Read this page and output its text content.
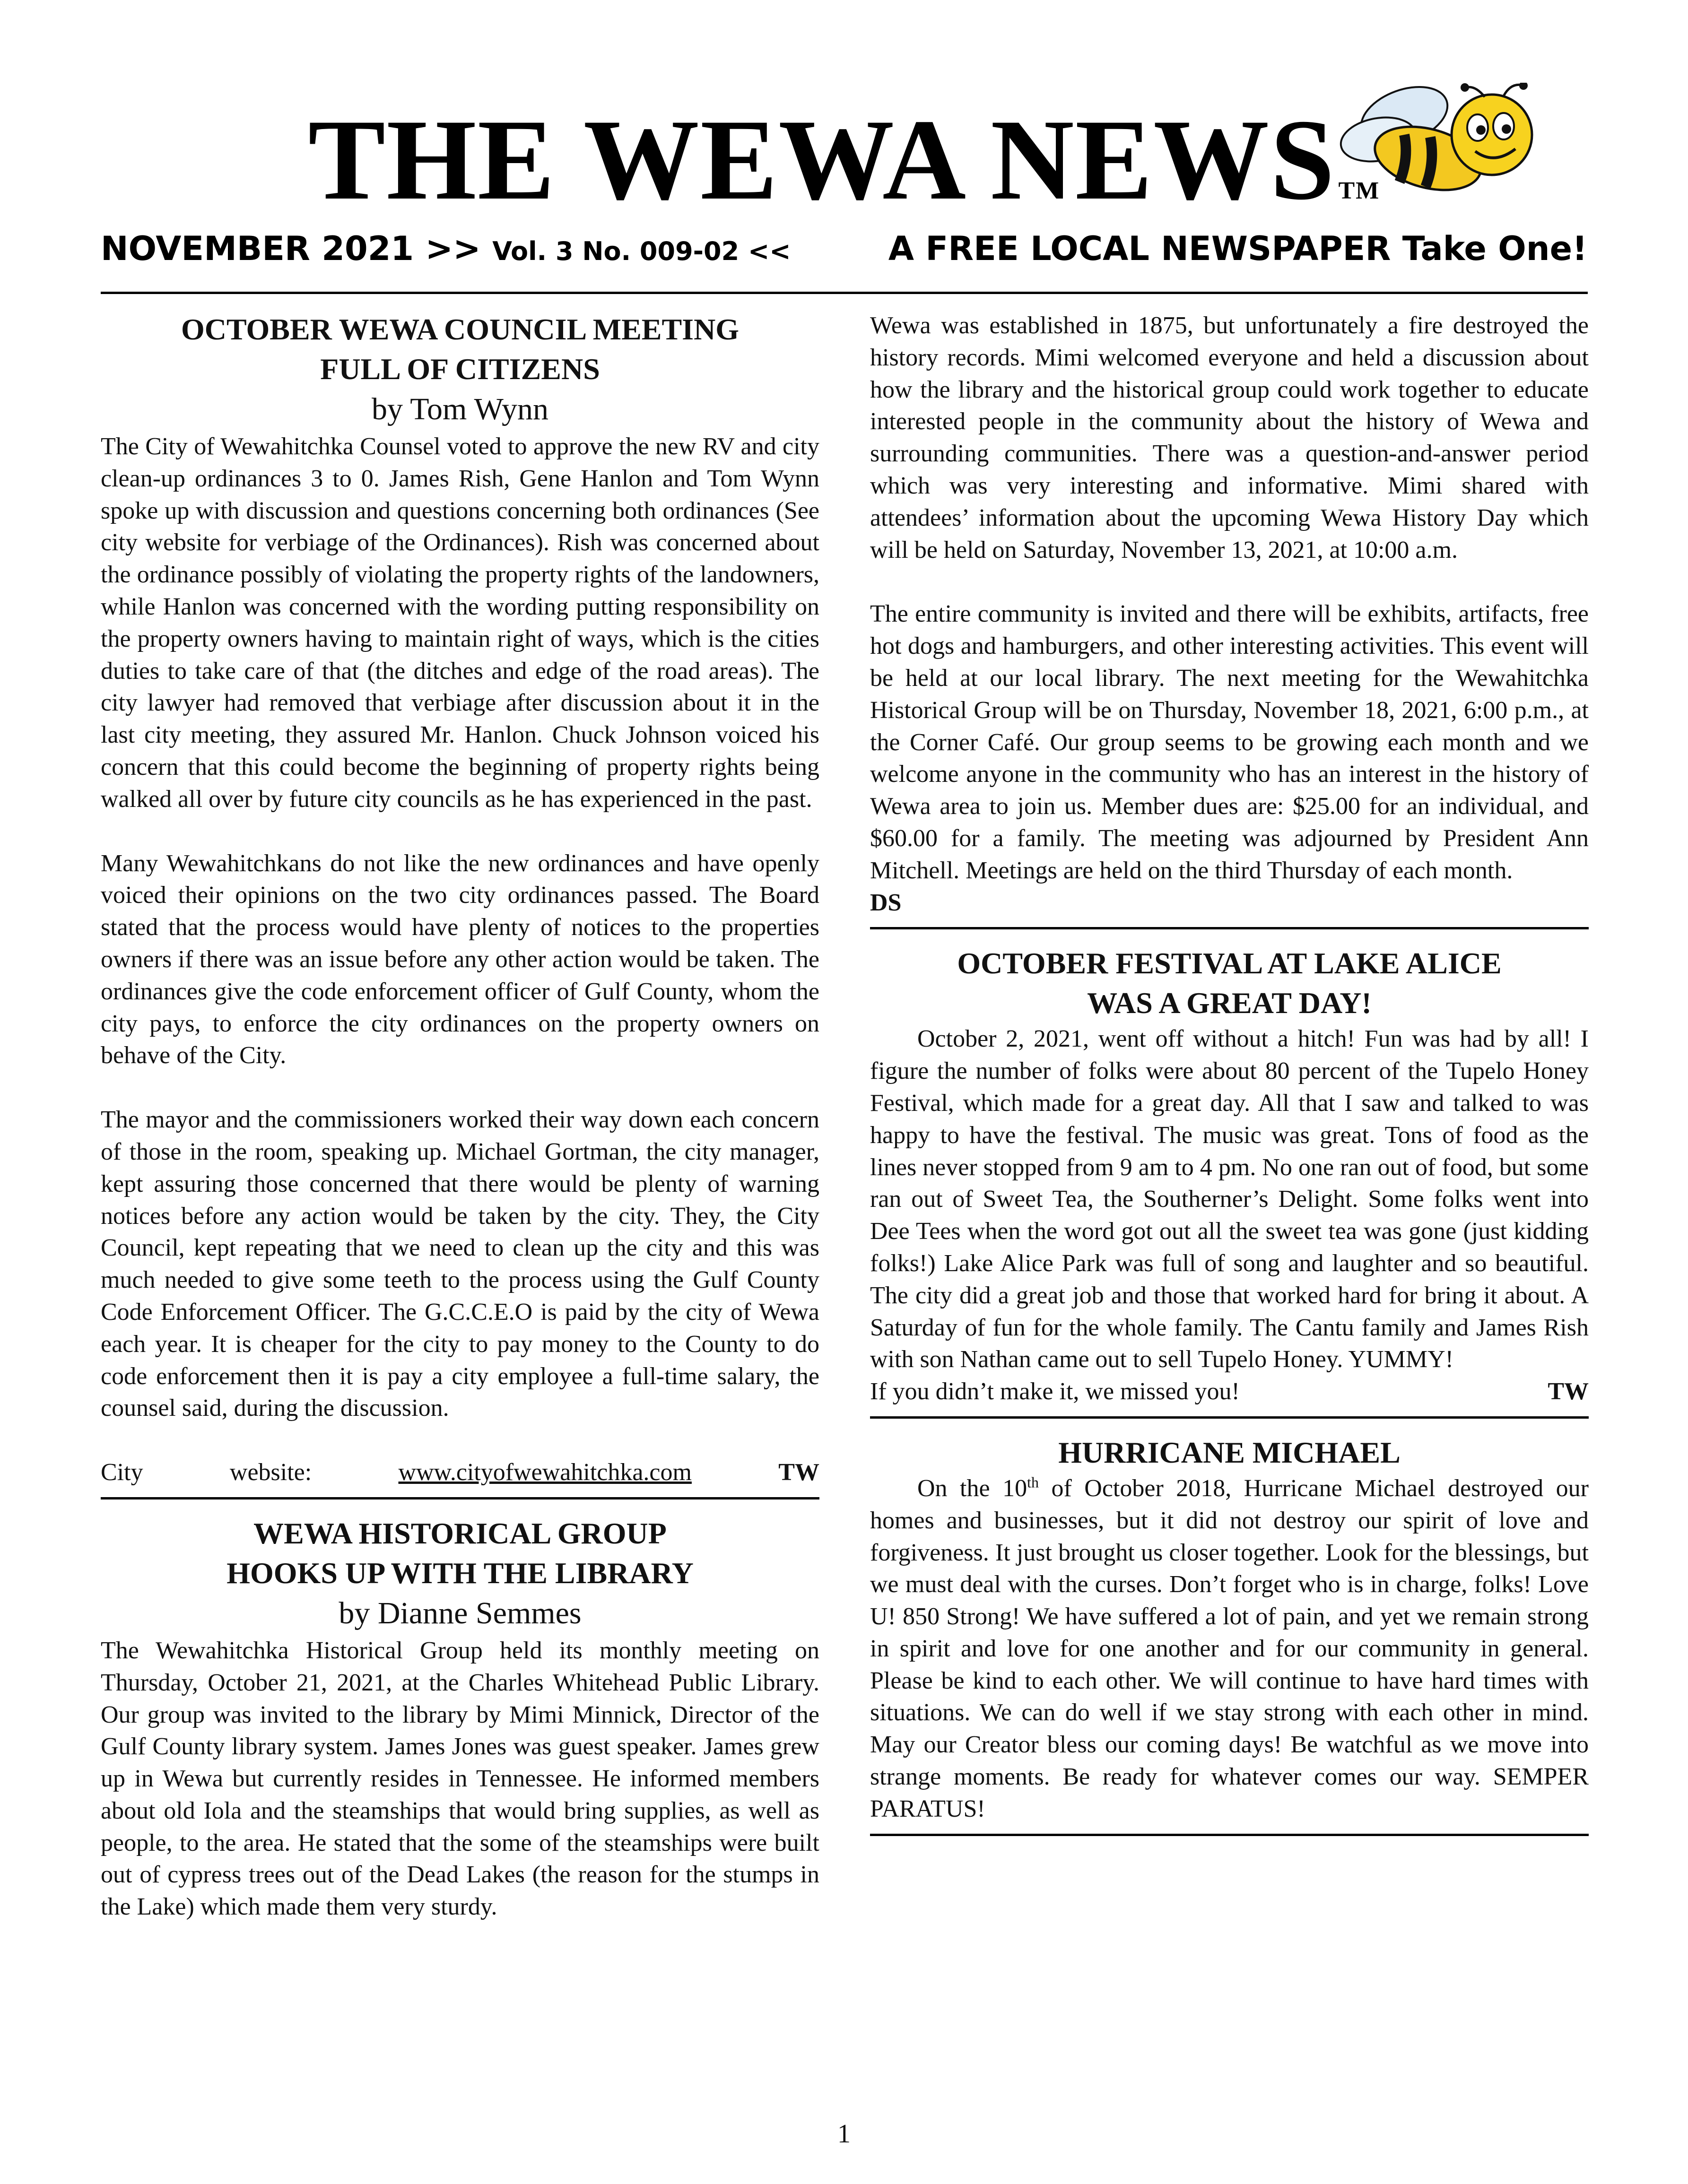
THE WEWA NEWS TM
NOVEMBER 2021 >> Vol. 3 No. 009-02 <<	A FREE LOCAL NEWSPAPER Take One!

OCTOBER WEWA COUNCIL MEETING

FULL OF CITIZENS

by Tom Wynn

The City of Wewahitchka Counsel voted to approve the new RV and city clean-up ordinances 3 to 0. James Rish, Gene Hanlon and Tom Wynn spoke up with discussion and questions concerning both ordinances (See city website for verbiage of the Ordinances). Rish was concerned about the ordinance possibly of violating the property rights of the landowners, while Hanlon was concerned with the wording putting responsibility on the property owners having to maintain right of ways, which is the cities duties to take care of that (the ditches and edge of the road areas). The city lawyer had removed that verbiage after discussion about it in the last city meeting, they assured Mr. Hanlon. Chuck Johnson voiced his concern that this could become the beginning of property rights being walked all over by future city councils as he has experienced in the past.

Many Wewahitchkans do not like the new ordinances and have openly voiced their opinions on the two city ordinances passed. The Board stated that the process would have plenty of notices to the properties owners if there was an issue before any other action would be taken. The ordinances give the code enforcement officer of Gulf County, whom the city pays, to enforce the city ordinances on the property owners on behave of the City.

The mayor and the commissioners worked their way down each concern of those in the room, speaking up. Michael Gortman, the city manager, kept assuring those concerned that there would be plenty of warning notices before any action would be taken by the city. They, the City Council, kept repeating that we need to clean up the city and this was much needed to give some teeth to the process using the Gulf County Code Enforcement Officer. The G.C.C.E.O is paid by the city of Wewa each year. It is cheaper for the city to pay money to the County to do code enforcement then it is pay a city employee a full-time salary, the counsel said, during the discussion.

City	website:	www.cityofwewahitchka.com	TW

WEWA HISTORICAL GROUP

HOOKS UP WITH THE LIBRARY

by Dianne Semmes

The Wewahitchka Historical Group held its monthly meeting on Thursday, October 21, 2021, at the Charles Whitehead Public Library. Our group was invited to the library by Mimi Minnick, Director of the Gulf County library system. James Jones was guest speaker. James grew up in Wewa but currently resides in Tennessee. He informed members about old Iola and the steamships that would bring supplies, as well as people, to the area. He stated that the some of the steamships were built out of cypress trees out of the Dead Lakes (the reason for the stumps in the Lake) which made them very sturdy.

Wewa was established in 1875, but unfortunately a fire destroyed the history records. Mimi welcomed everyone and held a discussion about how the library and the historical group could work together to educate interested people in the community about the history of Wewa and surrounding communities. There was a question-and-answer period which was very interesting and informative. Mimi shared with attendees’ information about the upcoming Wewa History Day which will be held on Saturday, November 13, 2021, at 10:00 a.m.

The entire community is invited and there will be exhibits, artifacts, free hot dogs and hamburgers, and other interesting activities. This event will be held at our local library. The next meeting for the Wewahitchka Historical Group will be on Thursday, November 18, 2021, 6:00 p.m., at the Corner Café. Our group seems to be growing each month and we welcome anyone in the community who has an interest in the history of Wewa area to join us. Member dues are: $25.00 for an individual, and $60.00 for a family. The meeting was adjourned by President Ann Mitchell. Meetings are held on the third Thursday of each month.

DS

OCTOBER FESTIVAL AT LAKE ALICE

WAS A GREAT DAY!

October 2, 2021, went off without a hitch! Fun was had by all! I figure the number of folks were about 80 percent of the Tupelo Honey Festival, which made for a great day. All that I saw and talked to was happy to have the festival. The music was great. Tons of food as the lines never stopped from 9 am to 4 pm. No one ran out of food, but some ran out of Sweet Tea, the Southerner’s Delight. Some folks went into Dee Tees when the word got out all the sweet tea was gone (just kidding folks!) Lake Alice Park was full of song and laughter and so beautiful. The city did a great job and those that worked hard for bring it about. A Saturday of fun for the whole family. The Cantu family and James Rish with son Nathan came out to sell Tupelo Honey. YUMMY!

If you didn’t make it, we missed you!	TW

HURRICANE MICHAEL

On the 10th of October 2018, Hurricane Michael destroyed our homes and businesses, but it did not destroy our spirit of love and forgiveness. It just brought us closer together. Look for the blessings, but we must deal with the curses. Don’t forget who is in charge, folks! Love U! 850 Strong! We have suffered a lot of pain, and yet we remain strong in spirit and love for one another and for our community in general. Please be kind to each other. We will continue to have hard times with situations. We can do well if we stay strong with each other in mind. May our Creator bless our coming days! Be watchful as we move into strange moments. Be ready for whatever comes our way. SEMPER PARATUS!

1
